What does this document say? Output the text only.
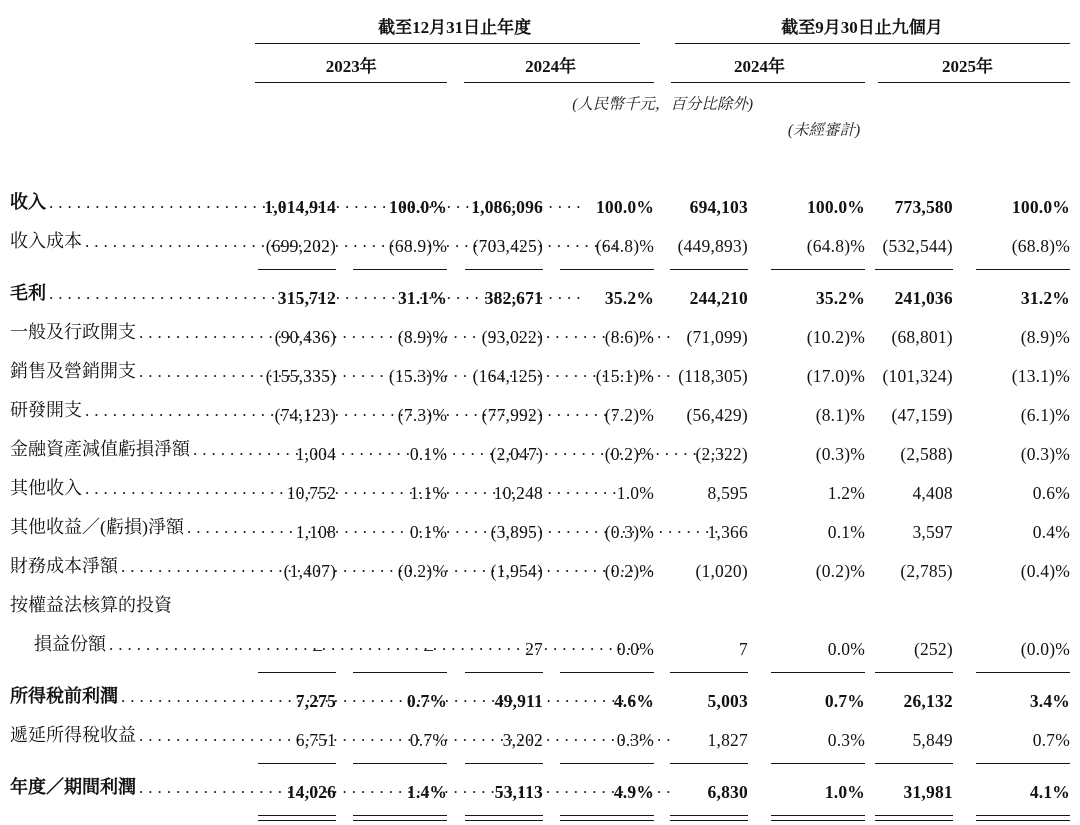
	截至12月31日止年度				截至9月30日止九個月			

	2023年		2024年		2024年		2025年	

	(人民幣千元，百分比除外)							
					(未經審計)			

收入 .....	1,014,914	100.0%	1,086,096	100.0%	694,103	100.0%	773,580	100.0%

收入成本 .....	(699,202)	(68.9)%	(703,425)	(64.8)%	(449,893)	(64.8)%	(532,544)	(68.8)%

毛利 .....	315,712	31.1%	382,671	35.2%	244,210	35.2%	241,036	31.2%

一般及行政開支 .....	(90,436)	(8.9)%	(93,022)	(8.6)%	(71,099)	(10.2)%	(68,801)	(8.9)%

銷售及營銷開支 .....	(155,335)	(15.3)%	(164,125)	(15.1)%	(118,305)	(17.0)%	(101,324)	(13.1)%

研發開支 .....	(74,123)	(7.3)%	(77,992)	(7.2)%	(56,429)	(8.1)%	(47,159)	(6.1)%

金融資產減值虧損淨額 .....	1,004	0.1%	(2,047)	(0.2)%	(2,322)	(0.3)%	(2,588)	(0.3)%

其他收入 .....	10,752	1.1%	10,248	1.0%	8,595	1.2%	4,408	0.6%

其他收益／(虧損)淨額 .....	1,108	0.1%	(3,895)	(0.3)%	1,366	0.1%	3,597	0.4%

財務成本淨額 .....	(1,407)	(0.2)%	(1,954)	(0.2)%	(1,020)	(0.2)%	(2,785)	(0.4)%

按權益法核算的投資

損益份額 .....	–	–	27	0.0%	7	0.0%	(252)	(0.0)%

所得稅前利潤 .....	7,275	0.7%	49,911	4.6%	5,003	0.7%	26,132	3.4%

遞延所得稅收益 .....	6,751	0.7%	3,202	0.3%	1,827	0.3%	5,849	0.7%

年度／期間利潤 .....	14,026	1.4%	53,113	4.9%	6,830	1.0%	31,981	4.1%
